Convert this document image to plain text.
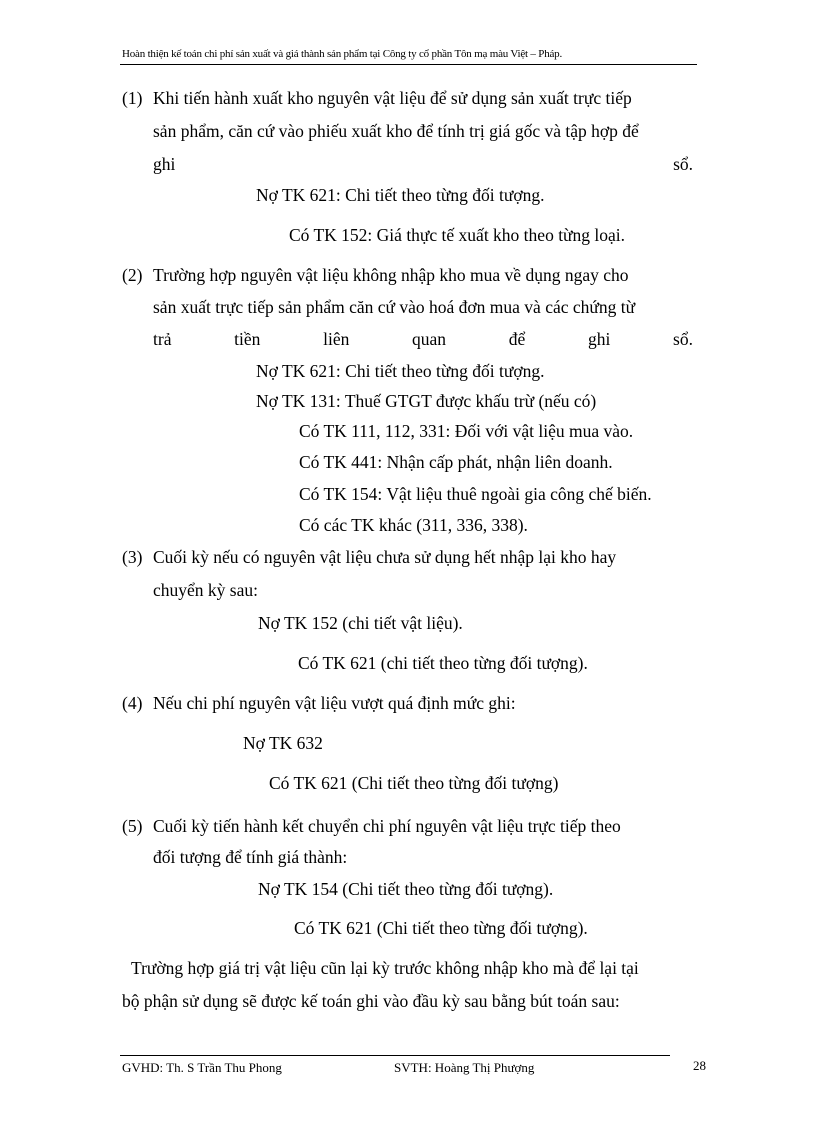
Hoàn thiện kế toán chi phí sản xuất và giá thành sản phẩm tại Công ty cổ phần Tôn mạ màu Việt – Pháp.
(1) Khi tiến hành xuất kho nguyên vật liệu để sử dụng sản xuất trực tiếp
sản phẩm, căn cứ vào phiếu xuất kho để tính trị giá gốc và tập hợp để
ghi	sổ.
Nợ TK 621: Chi tiết theo từng đối tượng.
Có TK 152: Giá thực tế xuất kho theo từng loại.
(2) Trường hợp nguyên vật liệu không nhập kho mua về dụng ngay cho
sản xuất trực tiếp sản phẩm căn cứ vào hoá đơn mua và các chứng từ
trả	tiền	liên	quan	để	ghi	sổ.
Nợ TK 621: Chi tiết theo từng đối tượng.
Nợ TK 131: Thuế GTGT được khấu trừ (nếu có)
Có TK 111, 112, 331: Đối với vật liệu mua vào.
Có TK 441: Nhận cấp phát, nhận liên doanh.
Có TK 154: Vật liệu thuê ngoài gia công chế biến.
Có các TK khác (311, 336, 338).
(3) Cuối kỳ nếu có nguyên vật liệu chưa sử dụng hết nhập lại kho hay
chuyển kỳ sau:
Nợ TK 152 (chi tiết vật liệu).
Có TK 621 (chi tiết theo từng đối tượng).
(4) Nếu chi phí nguyên vật liệu vượt quá định mức ghi:
Nợ TK 632
Có TK 621 (Chi tiết theo từng đối tượng)
(5) Cuối kỳ tiến hành kết chuyển chi phí nguyên vật liệu trực tiếp theo
đối tượng để tính giá thành:
Nợ TK 154 (Chi tiết theo từng đối tượng).
Có TK 621 (Chi tiết theo từng đối tượng).
Trường hợp giá trị vật liệu cũn lại kỳ trước không nhập kho mà để lại tại
bộ phận sử dụng sẽ được kế toán ghi vào đầu kỳ sau bằng bút toán sau:
GVHD: Th. S Trần Thu Phong	SVTH: Hoàng Thị Phượng	28
